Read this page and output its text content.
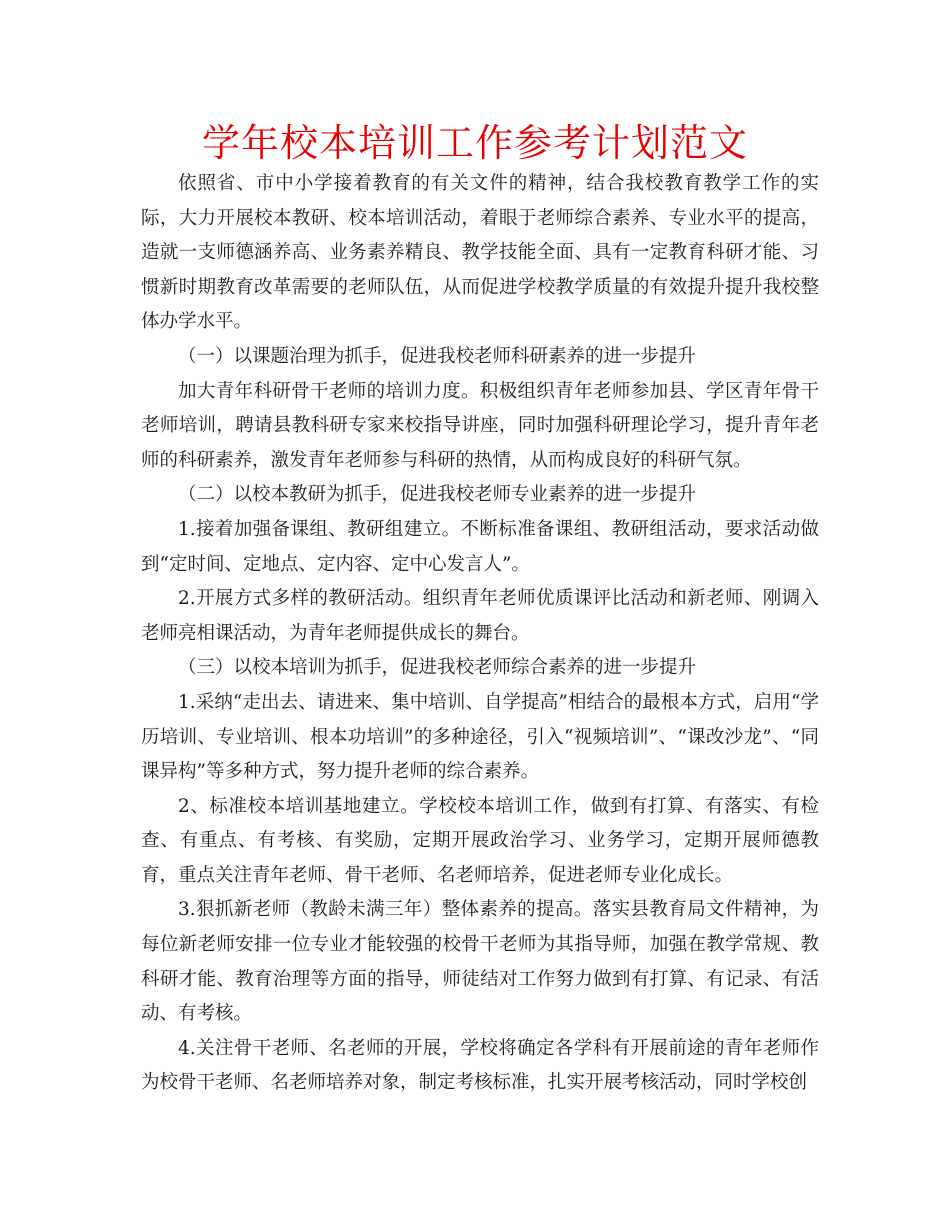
学年校本培训工作参考计划范文

依照省、市中小学接着教育的有关文件的精神，结合我校教育教学工作的实际，大力开展校本教研、校本培训活动，着眼于老师综合素养、专业水平的提高，造就一支师德涵养高、业务素养精良、教学技能全面、具有一定教育科研才能、习惯新时期教育改革需要的老师队伍，从而促进学校教学质量的有效提升提升我校整体办学水平。

（一）以课题治理为抓手，促进我校老师科研素养的进一步提升

加大青年科研骨干老师的培训力度。积极组织青年老师参加县、学区青年骨干老师培训，聘请县教科研专家来校指导讲座，同时加强科研理论学习，提升青年老师的科研素养，激发青年老师参与科研的热情，从而构成良好的科研气氛。

（二）以校本教研为抓手，促进我校老师专业素养的进一步提升

1.接着加强备课组、教研组建立。不断标准备课组、教研组活动，要求活动做到“定时间、定地点、定内容、定中心发言人”。

2.开展方式多样的教研活动。组织青年老师优质课评比活动和新老师、刚调入老师亮相课活动，为青年老师提供成长的舞台。

（三）以校本培训为抓手，促进我校老师综合素养的进一步提升

1.采纳“走出去、请进来、集中培训、自学提高”相结合的最根本方式，启用“学历培训、专业培训、根本功培训”的多种途径，引入“视频培训”、“课改沙龙”、“同课异构”等多种方式，努力提升老师的综合素养。

2、标准校本培训基地建立。学校校本培训工作，做到有打算、有落实、有检查、有重点、有考核、有奖励，定期开展政治学习、业务学习，定期开展师德教育，重点关注青年老师、骨干老师、名老师培养，促进老师专业化成长。

3.狠抓新老师（教龄未满三年）整体素养的提高。落实县教育局文件精神，为每位新老师安排一位专业才能较强的校骨干老师为其指导师，加强在教学常规、教科研才能、教育治理等方面的指导，师徒结对工作努力做到有打算、有记录、有活动、有考核。

4.关注骨干老师、名老师的开展，学校将确定各学科有开展前途的青年老师作为校骨干老师、名老师培养对象，制定考核标准，扎实开展考核活动，同时学校创
